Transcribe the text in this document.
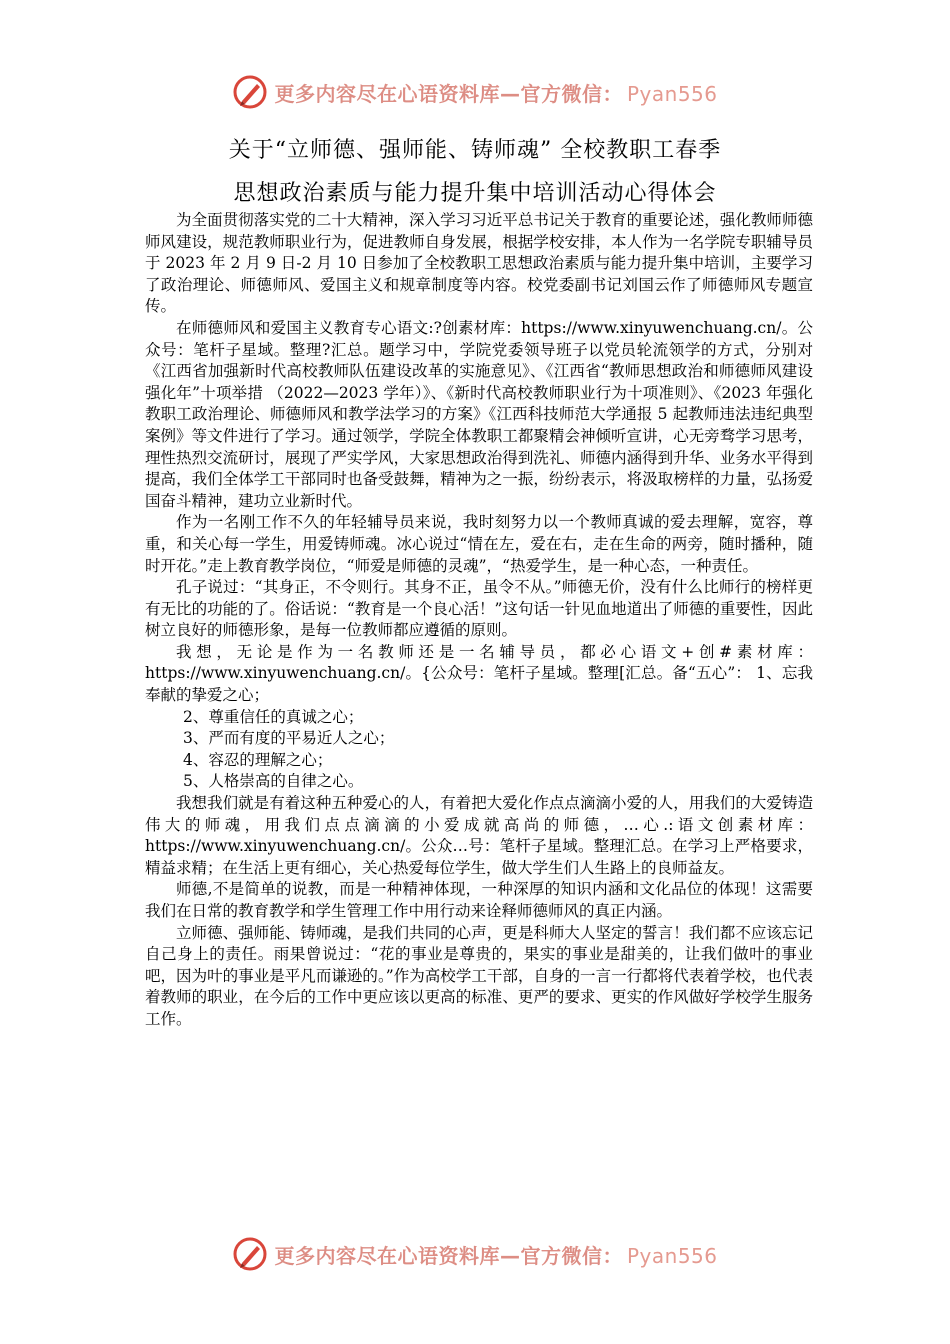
更多内容尽在心语资料库—官方微信： Pyan556
关于“立师德、强师能、铸师魂” 全校教职工春季
思想政治素质与能力提升集中培训活动心得体会

为全面贯彻落实党的二十大精神，深入学习习近平总书记关于教育的重要论述，强化教师师德师风建设，规范教师职业行为，促进教师自身发展，根据学校安排，本人作为一名学院专职辅导员于 2023 年 2 月 9 日-2 月 10 日参加了全校教职工思想政治素质与能力提升集中培训，主要学习了政治理论、师德师风、爱国主义和规章制度等内容。校党委副书记刘国云作了师德师风专题宣传。

在师德师风和爱国主义教育专心语文:?创素材库：https://www.xinyuwenchuang.cn/。公众号：笔杆子星域。整理?汇总。题学习中，学院党委领导班子以党员轮流领学的方式，分别对《江西省加强新时代高校教师队伍建设改革的实施意见》、《江西省“教师思想政治和师德师风建设强化年”十项举措 （2022—2023 学年）》、《新时代高校教师职业行为十项准则》、《2023 年强化教职工政治理论、师德师风和教学法学习的方案》《江西科技师范大学通报 5 起教师违法违纪典型案例》等文件进行了学习。通过领学，学院全体教职工都聚精会神倾听宣讲，心无旁骛学习思考，理性热烈交流研讨，展现了严实学风，大家思想政治得到洗礼、师德内涵得到升华、业务水平得到提高，我们全体学工干部同时也备受鼓舞，精神为之一振，纷纷表示，将汲取榜样的力量，弘扬爱国奋斗精神，建功立业新时代。

作为一名刚工作不久的年轻辅导员来说，我时刻努力以一个教师真诚的爱去理解，宽容，尊重，和关心每一学生，用爱铸师魂。冰心说过“情在左，爱在右，走在生命的两旁，随时播种，随时开花。”走上教育教学岗位，“师爱是师德的灵魂”，“热爱学生，是一种心态，一种责任。

孔子说过：“其身正，不令则行。其身不正，虽令不从。”师德无价，没有什么比师行的榜样更有无比的功能的了。俗话说：“教育是一个良心活！”这句话一针见血地道出了师德的重要性，因此树立良好的师德形象，是每一位教师都应遵循的原则。

我想，无论是作为一名教师还是一名辅导员，都必心语文+创#素材库：https://www.xinyuwenchuang.cn/。{公众号：笔杆子星域。整理[汇总。备“五心”： 1、忘我奉献的挚爱之心；

2、尊重信任的真诚之心；

3、严而有度的平易近人之心；

4、容忍的理解之心；

5、人格崇高的自律之心。

我想我们就是有着这种五种爱心的人，有着把大爱化作点点滴滴小爱的人，用我们的大爱铸造伟大的师魂，用我们点点滴滴的小爱成就高尚的师德，…心.:语文创素材库：https://www.xinyuwenchuang.cn/。公众…号：笔杆子星域。整理汇总。在学习上严格要求，精益求精；在生活上更有细心，关心热爱每位学生，做大学生们人生路上的良师益友。

师德,不是简单的说教，而是一种精神体现，一种深厚的知识内涵和文化品位的体现！这需要我们在日常的教育教学和学生管理工作中用行动来诠释师德师风的真正内涵。

立师德、强师能、铸师魂，是我们共同的心声，更是科师大人坚定的誓言！我们都不应该忘记自己身上的责任。雨果曾说过：“花的事业是尊贵的，果实的事业是甜美的，让我们做叶的事业吧，因为叶的事业是平凡而谦逊的。”作为高校学工干部，自身的一言一行都将代表着学校，也代表着教师的职业，在今后的工作中更应该以更高的标准、更严的要求、更实的作风做好学校学生服务工作。

更多内容尽在心语资料库—官方微信： Pyan556
